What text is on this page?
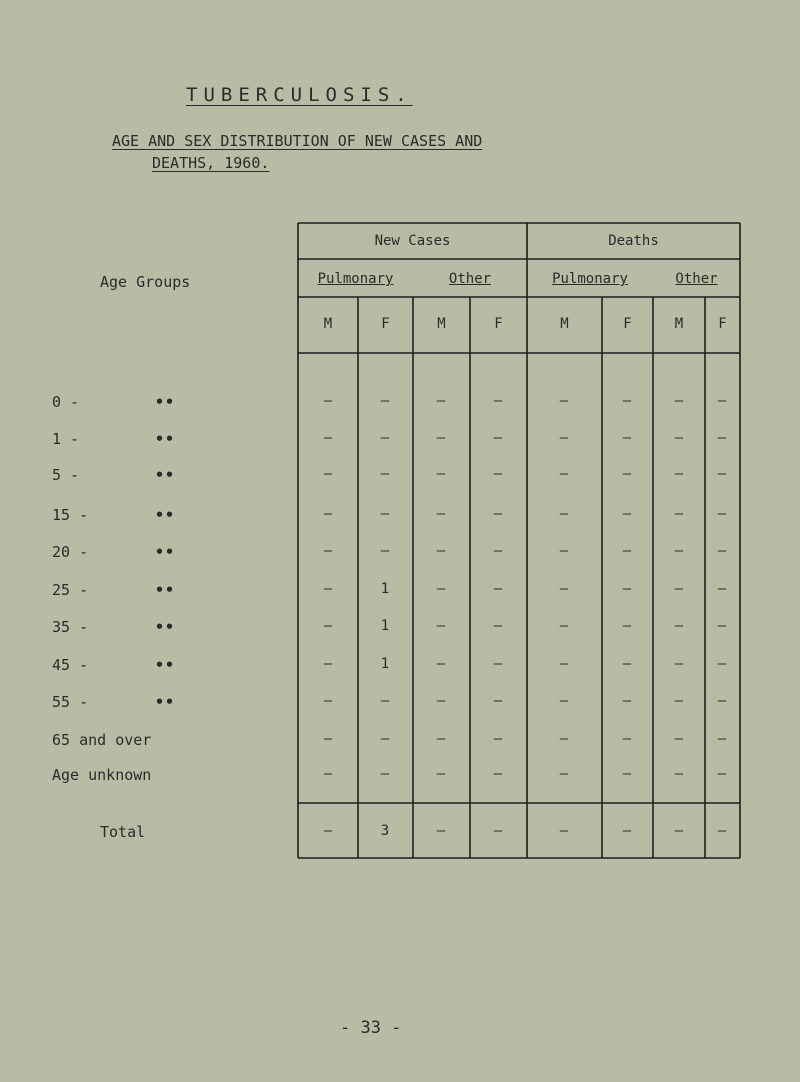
TUBERCULOSIS.
AGE AND SEX DISTRIBUTION OF NEW CASES AND
DEATHS, 1960.
New Cases	Deaths
Pulmonary	Other	Pulmonary	Other
M	F	M	F	M	F	M	F
Age Groups
0 -	••	–	–	–	–	–	–	–	–
1 -	••	–	–	–	–	–	–	–	–
5 -	••	–	–	–	–	–	–	–	–
15 -	••	–	–	–	–	–	–	–	–
20 -	••	–	–	–	–	–	–	–	–
25 -	••	–	1	–	–	–	–	–	–
35 -	••	–	1	–	–	–	–	–	–
45 -	••	–	1	–	–	–	–	–	–
55 -	••	–	–	–	–	–	–	–	–
65 and over	–	–	–	–	–	–	–	–
Age unknown	–	–	–	–	–	–	–	–
Total	–	3	–	–	–	–	–	–
- 33 -
